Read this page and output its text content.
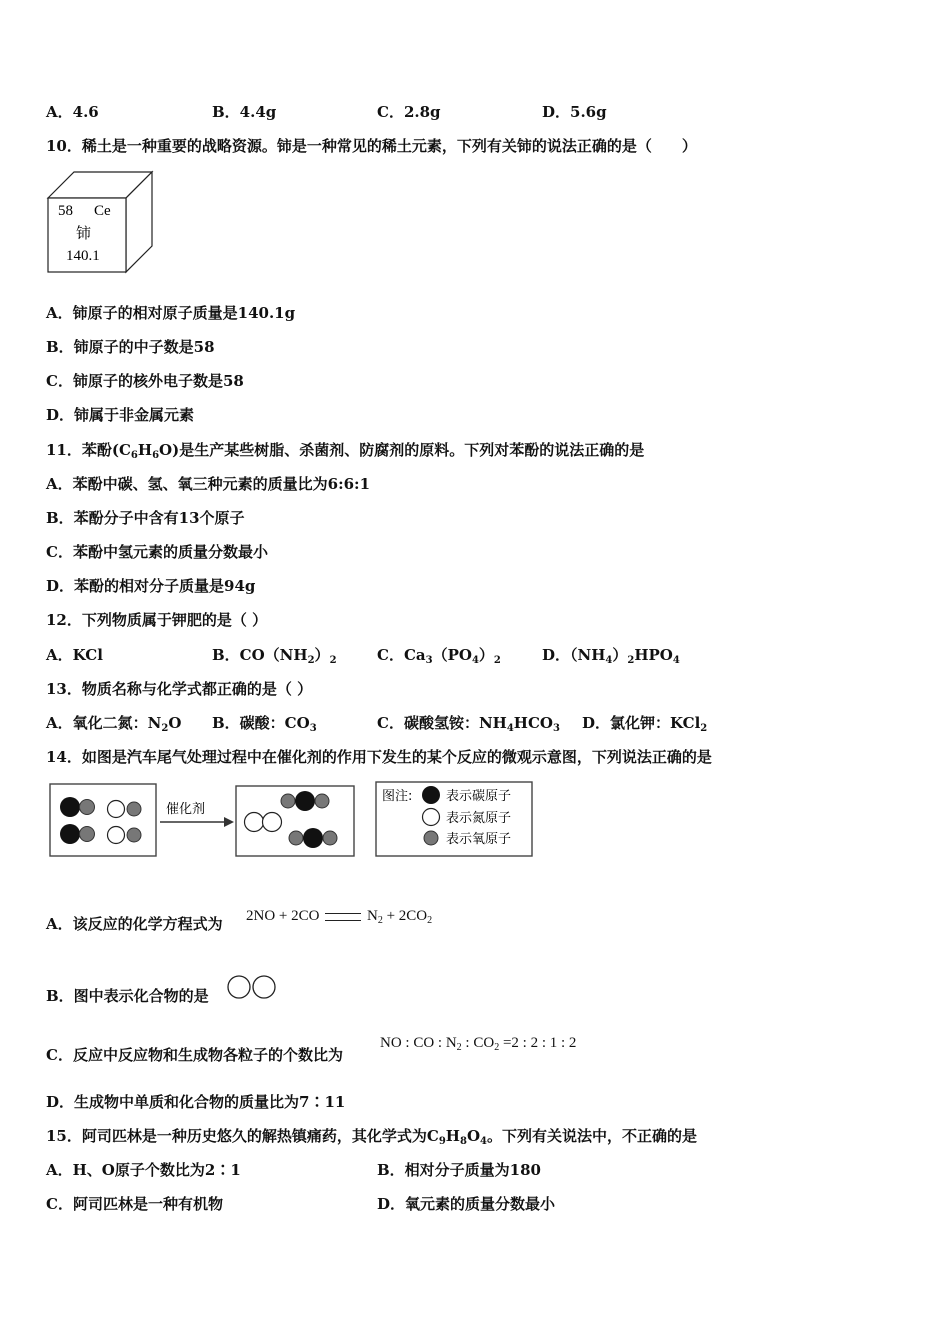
A．4.6	B．4.4g	C．2.8g	D．5.6g
10．稀土是一种重要的战略资源。铈是一种常见的稀土元素，下列有关铈的说法正确的是（　　）
58 Ce
铈
140.1
A．铈原子的相对原子质量是140.1g
B．铈原子的中子数是58
C．铈原子的核外电子数是58
D．铈属于非金属元素
11．苯酚$(C_6H_6O)$是生产某些树脂、杀菌剂、防腐剂的原料。下列对苯酚的说法正确的是
A．苯酚中碳、氢、氧三种元素的质量比为6:6:1
B．苯酚分子中含有13个原子
C．苯酚中氢元素的质量分数最小
D．苯酚的相对分子质量是94g
12．下列物质属于钾肥的是（ ）
A．KCl	B．$CO(NH_2)_2$	C．$Ca_3(PO_4)_2$	D．$(NH_4)_2HPO_4$
13．物质名称与化学式都正确的是（ ）
A．氧化二氮：$N_2O$ B．碳酸：$CO_3$	C．碳酸氢铵：$NH_4HCO_3$ D．氯化钾：KCl$_2$
14．如图是汽车尾气处理过程中在催化剂的作用下发生的某个反应的微观示意图，下列说法正确的是
催化剂
图注:	表示碳原子
表示氮原子
表示氧原子
A．该反应的化学方程式为 2NO + 2CO	$N_2 + 2CO_2$
B．图中表示化合物的是
C．反应中反应物和生成物各粒子的个数比为
NO : CO : $N_2$ : $CO_2 =2$ : 2 : 1 : 2
D．生成物中单质和化合物的质量比为7∶11
15．阿司匹林是一种历史悠久的解热镇痛药，其化学式为$C_9H_8O_4$。下列有关说法中，不正确的是
A．H、O原子个数比为2∶1	B．相对分子质量为180
C．阿司匹林是一种有机物	D．氧元素的质量分数最小
